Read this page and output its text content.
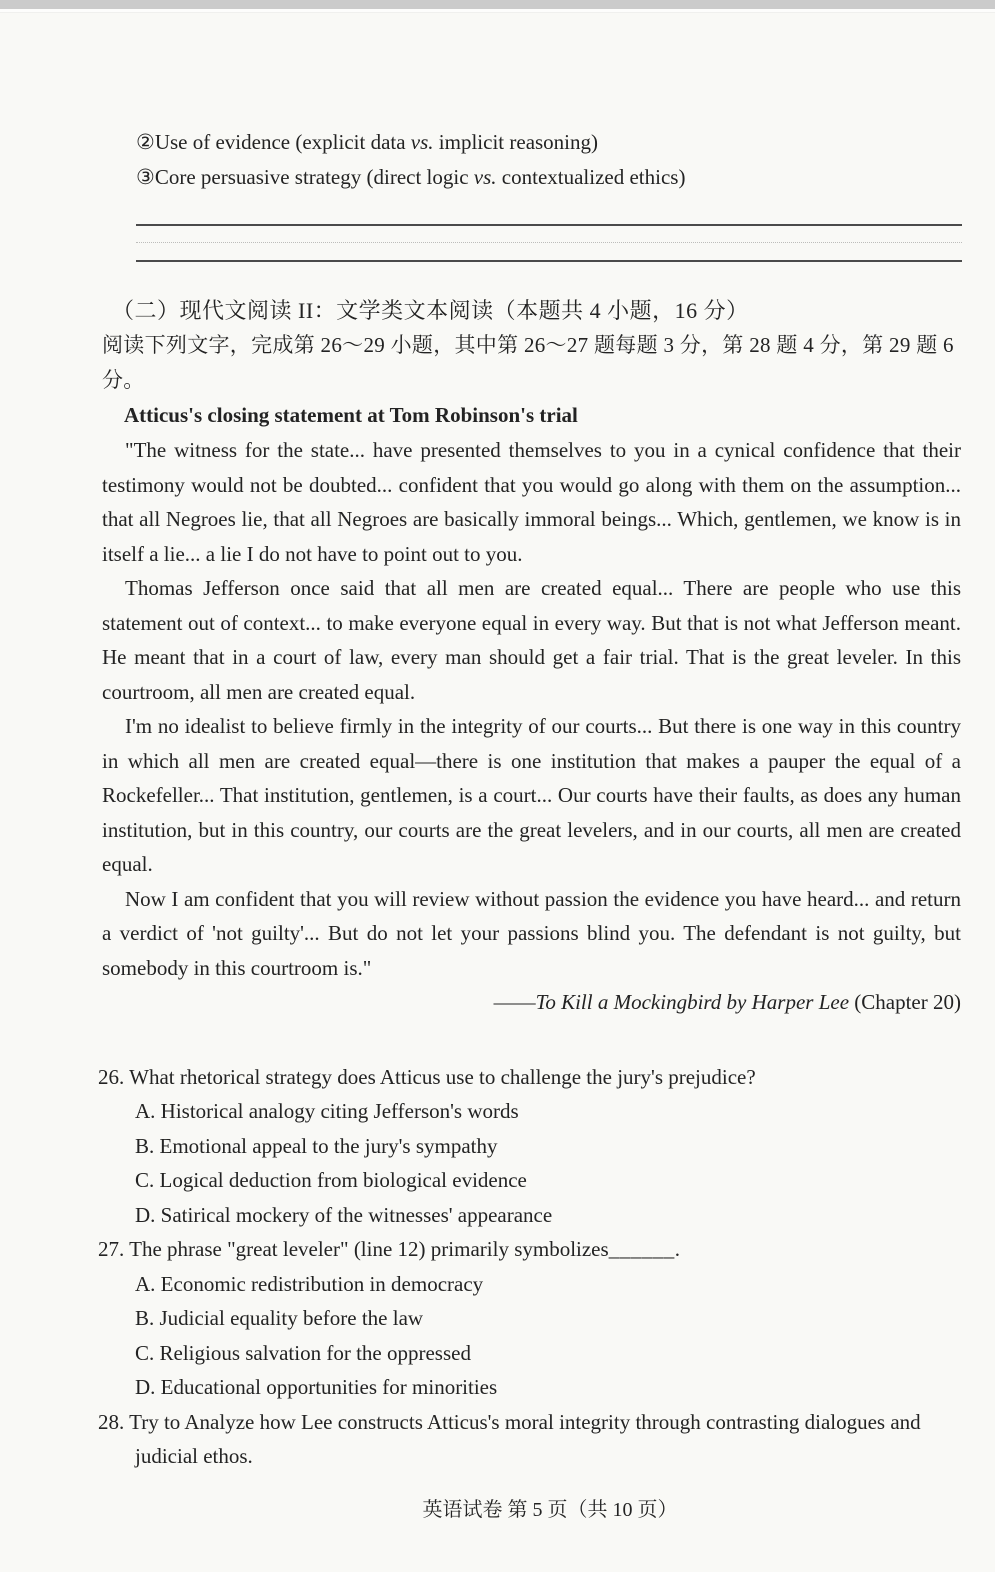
②Use of evidence (explicit data vs. implicit reasoning)

③Core persuasive strategy (direct logic vs. contextualized ethics)

（二）现代文阅读 II：文学类文本阅读（本题共 4 小题，16 分）

阅读下列文字，完成第 26～29 小题，其中第 26～27 题每题 3 分，第 28 题 4 分，第 29 题 6 分。

Atticus's closing statement at Tom Robinson's trial

"The witness for the state... have presented themselves to you in a cynical confidence that their testimony would not be doubted... confident that you would go along with them on the assumption... that all Negroes lie, that all Negroes are basically immoral beings... Which, gentlemen, we know is in itself a lie... a lie I do not have to point out to you.

Thomas Jefferson once said that all men are created equal... There are people who use this statement out of context... to make everyone equal in every way. But that is not what Jefferson meant. He meant that in a court of law, every man should get a fair trial. That is the great leveler. In this courtroom, all men are created equal.

I'm no idealist to believe firmly in the integrity of our courts... But there is one way in this country in which all men are created equal—there is one institution that makes a pauper the equal of a Rockefeller... That institution, gentlemen, is a court... Our courts have their faults, as does any human institution, but in this country, our courts are the great levelers, and in our courts, all men are created equal.

Now I am confident that you will review without passion the evidence you have heard... and return a verdict of 'not guilty'... But do not let your passions blind you. The defendant is not guilty, but somebody in this courtroom is."

——To Kill a Mockingbird by Harper Lee (Chapter 20)

26. What rhetorical strategy does Atticus use to challenge the jury's prejudice?

A. Historical analogy citing Jefferson's words

B. Emotional appeal to the jury's sympathy

C. Logical deduction from biological evidence

D. Satirical mockery of the witnesses' appearance

27. The phrase "great leveler" (line 12) primarily symbolizes______.

A. Economic redistribution in democracy

B. Judicial equality before the law

C. Religious salvation for the oppressed

D. Educational opportunities for minorities

28. Try to Analyze how Lee constructs Atticus's moral integrity through contrasting dialogues and judicial ethos.

英语试卷 第 5 页（共 10 页）
